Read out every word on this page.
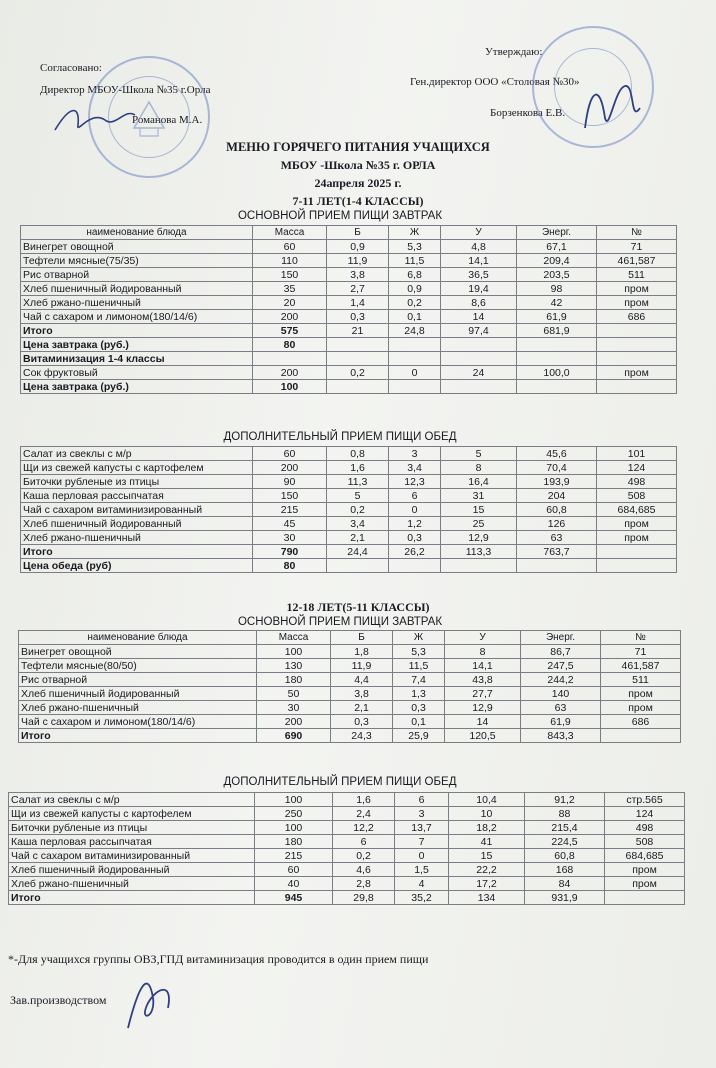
Согласовано:
Директор МБОУ-Школа №35 г.Орла
Романова М.А.
Утверждаю:
Ген.директор ООО «Столовая №30»
Борзенкова Е.В.
МЕНЮ ГОРЯЧЕГО ПИТАНИЯ УЧАЩИХСЯ
МБОУ -Школа №35 г. ОРЛА
24апреля 2025 г.
7-11 ЛЕТ(1-4 КЛАССЫ)
ОСНОВНОЙ ПРИЕМ ПИЩИ ЗАВТРАК
наименование блюда	Масса	Б	Ж	У	Энерг.	№
Винегрет овощной	60	0,9	5,3	4,8	67,1	71
Тефтели мясные(75/35)	110	11,9	11,5	14,1	209,4	461,587
Рис отварной	150	3,8	6,8	36,5	203,5	511
Хлеб пшеничный йодированный	35	2,7	0,9	19,4	98	пром
Хлеб ржано-пшеничный	20	1,4	0,2	8,6	42	пром
Чай с сахаром и лимоном(180/14/6)	200	0,3	0,1	14	61,9	686
Итого	575	21	24,8	97,4	681,9	
Цена завтрака (руб.)	80					
Витаминизация 1-4 классы						
Сок фруктовый	200	0,2	0	24	100,0	пром
Цена завтрака (руб.)	100					
ДОПОЛНИТЕЛЬНЫЙ ПРИЕМ ПИЩИ ОБЕД
Салат из свеклы с м/р	60	0,8	3	5	45,6	101
Щи из свежей капусты с картофелем	200	1,6	3,4	8	70,4	124
Биточки рубленые из птицы	90	11,3	12,3	16,4	193,9	498
Каша перловая рассыпчатая	150	5	6	31	204	508
Чай с сахаром витаминизированный	215	0,2	0	15	60,8	684,685
Хлеб пшеничный йодированный	45	3,4	1,2	25	126	пром
Хлеб ржано-пшеничный	30	2,1	0,3	12,9	63	пром
Итого	790	24,4	26,2	113,3	763,7	
Цена обеда (руб)	80					
12-18 ЛЕТ(5-11 КЛАССЫ)
ОСНОВНОЙ ПРИЕМ ПИЩИ ЗАВТРАК
наименование блюда	Масса	Б	Ж	У	Энерг.	№
Винегрет овощной	100	1,8	5,3	8	86,7	71
Тефтели мясные(80/50)	130	11,9	11,5	14,1	247,5	461,587
Рис отварной	180	4,4	7,4	43,8	244,2	511
Хлеб пшеничный йодированный	50	3,8	1,3	27,7	140	пром
Хлеб ржано-пшеничный	30	2,1	0,3	12,9	63	пром
Чай с сахаром и лимоном(180/14/6)	200	0,3	0,1	14	61,9	686
Итого	690	24,3	25,9	120,5	843,3	
ДОПОЛНИТЕЛЬНЫЙ ПРИЕМ ПИЩИ ОБЕД
Салат из свеклы с м/р	100	1,6	6	10,4	91,2	стр.565
Щи из свежей капусты с картофелем	250	2,4	3	10	88	124
Биточки рубленые из птицы	100	12,2	13,7	18,2	215,4	498
Каша перловая рассыпчатая	180	6	7	41	224,5	508
Чай с сахаром витаминизированный	215	0,2	0	15	60,8	684,685
Хлеб пшеничный йодированный	60	4,6	1,5	22,2	168	пром
Хлеб ржано-пшеничный	40	2,8	4	17,2	84	пром
Итого	945	29,8	35,2	134	931,9	
*-Для учащихся группы ОВЗ,ГПД витаминизация проводится в один прием пищи
Зав.производством
